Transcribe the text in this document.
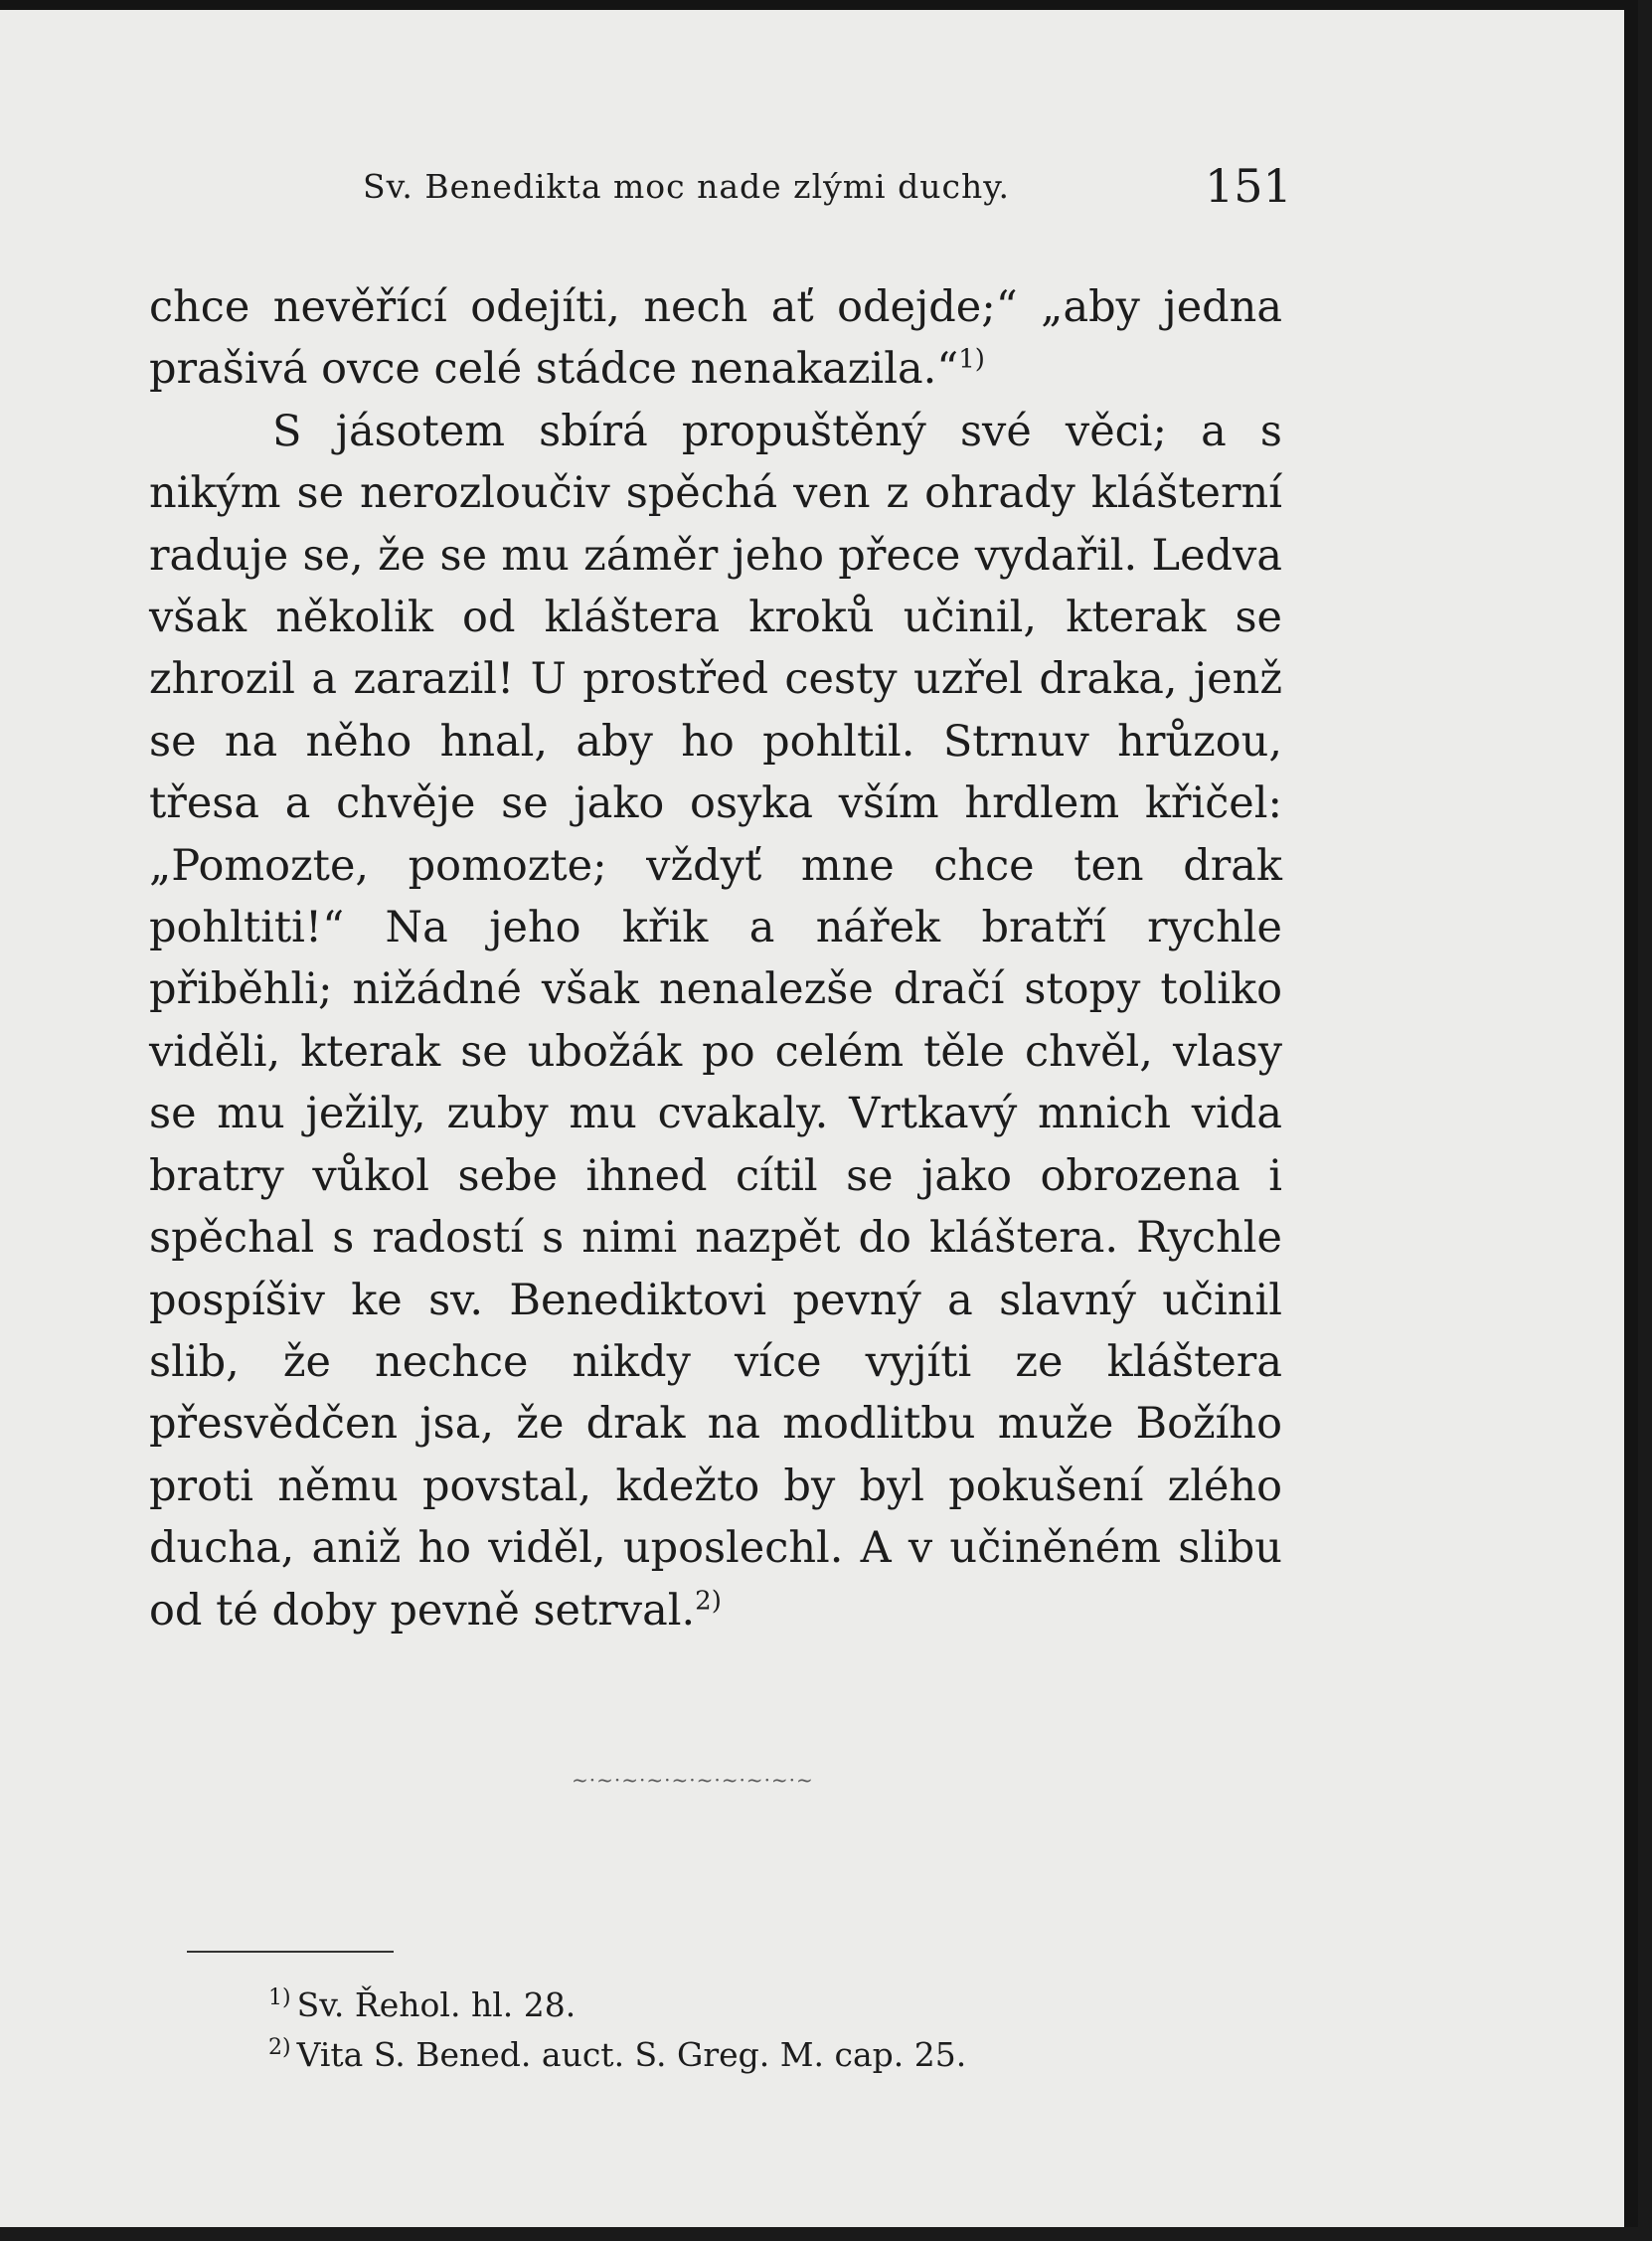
Sv. Benedikta moc nade zlými duchy.	151

chce nevěřící odejíti, nech ať odejde;“ „aby jedna prašivá ovce celé stádce nenakazila.“$^{1)}$

S jásotem sbírá propuštěný své věci; a s nikým se nerozloučiv spěchá ven z ohrady klášterní raduje se, že se mu záměr jeho přece vydařil. Ledva však několik od kláštera kroků učinil, kterak se zhrozil a zarazil! U prostřed cesty uzřel draka, jenž se na něho hnal, aby ho pohltil. Strnuv hrůzou, třesa a chvěje se jako osyka vším hrdlem křičel: „Pomozte, pomozte; vždyť mne chce ten drak pohltiti!“ Na jeho křik a nářek bratří rychle přiběhli; nižádné však nenalezše dračí stopy toliko viděli, kterak se ubožák po celém těle chvěl, vlasy se mu ježily, zuby mu cvakaly. Vrtkavý mnich vida bratry vůkol sebe ihned cítil se jako obrozena i spěchal s radostí s nimi nazpět do kláštera. Rychle pospíšiv ke sv. Benediktovi pevný a slavný učinil slib, že nechce nikdy více vyjíti ze kláštera přesvědčen jsa, že drak na modlitbu muže Božího proti němu povstal, kdežto by byl pokušení zlého ducha, aniž ho viděl, uposlechl. A v učiněném slibu od té doby pevně setrval.$^{2)}$

~·~·~·~·~·~·~·~·~·~
$^{1)}$ Sv. Řehol. hl. 28.
$^{2)}$ Vita S. Bened. auct. S. Greg. M. cap. 25.
